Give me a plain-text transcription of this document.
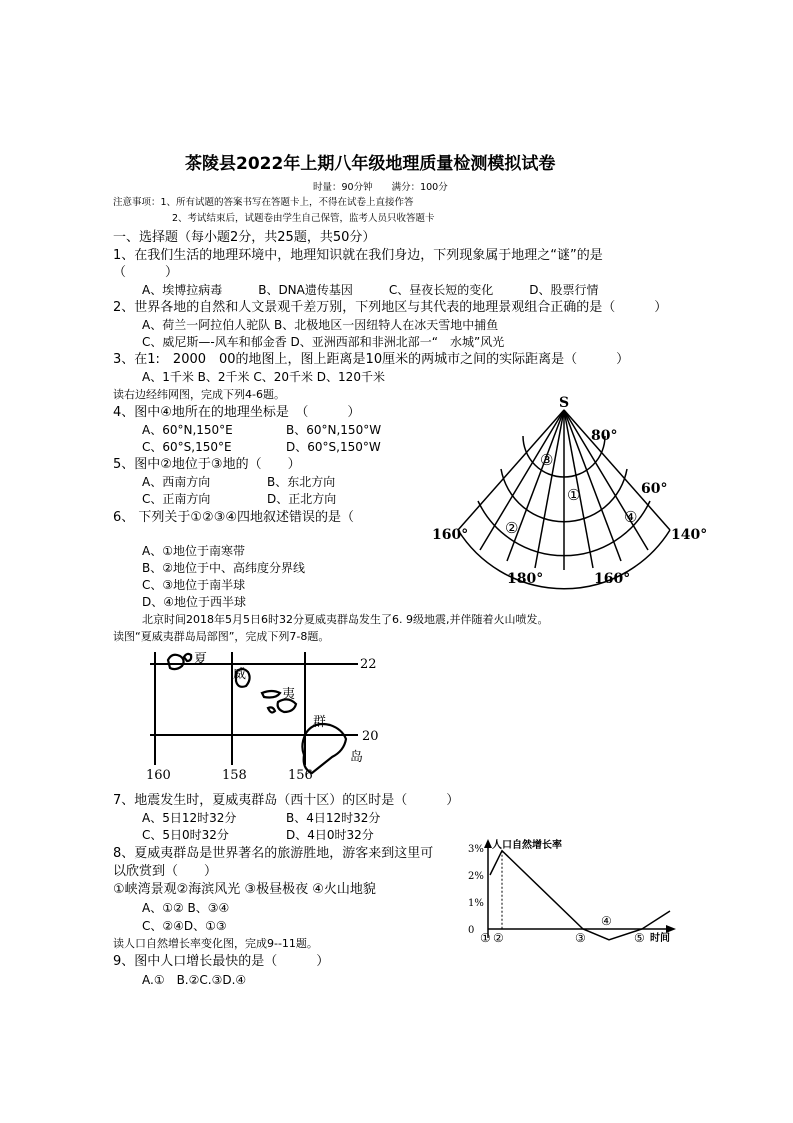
茶陵县2022年上期八年级地理质量检测模拟试卷
时量：90分钟　　满分：100分
注意事项：1、所有试题的答案书写在答题卡上，不得在试卷上直接作答
2、考试结束后，试题卷由学生自己保管，监考人员只收答题卡
一、选择题（每小题2分，共25题，共50分）
1、在我们生活的地理环境中，地理知识就在我们身边，下列现象属于地理之“谜”的是
（　　　）
A、埃博拉病毒　　　B、DNA遗传基因　　　C、昼夜长短的变化　　　D、股票行情
2、世界各地的自然和人文景观千差万别，下列地区与其代表的地理景观组合正确的是（　　　）
A、荷兰一阿拉伯人驼队 B、北极地区一因纽特人在冰天雪地中捕鱼
C、威尼斯—-风车和郁金香 D、亚洲西部和非洲北部一“　水城”风光
3、在1:　2000　00的地图上，图上距离是10厘米的两城市之间的实际距离是（　　　）
A、1千米 B、2千米 C、20千米 D、120千米
读右边经纬网图，完成下列4-6题。
4、图中④地所在的地理坐标是　（　　　）
A、60°N,150°E	B、60°N,150°W
C、60°S,150°E	D、60°S,150°W
5、图中②地位于③地的（　　）
A、西南方向	B、东北方向
C、正南方向	D、正北方向
6、 下列关于①②③④四地叙述错误的是（
A、①地位于南寒带
B、②地位于中、高纬度分界线
C、③地位于南半球
D、④地位于西半球
S
80°
60°
160°	140°
180°	160°
③
①
②
④
北京时间2018年5月5日6时32分夏威夷群岛发生了6. 9级地震,并伴随着火山喷发。
读图“夏威夷群岛局部图”，完成下列7-8题。
夏
威
夷
群
岛
22
20
160	158	156
7、地震发生时，夏威夷群岛（西十区）的区时是（　　　）
A、5日12时32分	B、4日12时32分
C、5日0时32分	D、4日0时32分
8、夏威夷群岛是世界著名的旅游胜地，游客来到这里可
以欣赏到（　　）
①峡湾景观②海滨风光 ③极昼极夜 ④火山地貌
A、①② B、③④
C、②④D、①③
读人口自然增长率变化图，完成9--11题。
9、图中人口增长最快的是（　　　）
A.①　B.②C.③D.④
人口自然增长率
时间
3%
2%
1%
0
① ②	③
④
⑤
